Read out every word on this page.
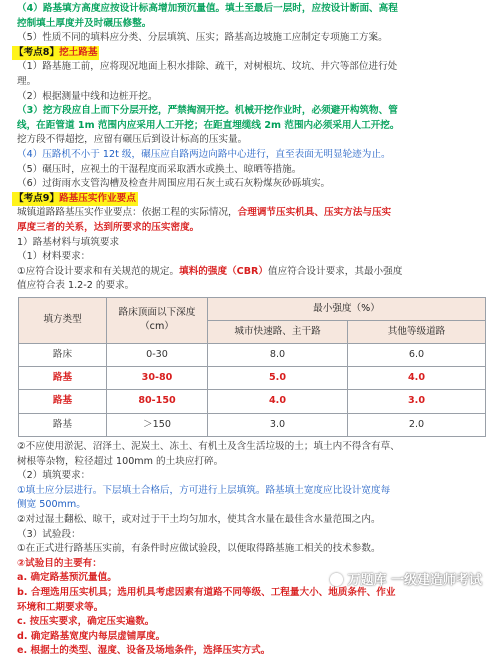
（4）路基填方高度应按设计标高增加预沉量值。填土至最后一层时，应按设计断面、高程
控制填土厚度并及时碾压修整。
（5）性质不同的填料应分类、分层填筑、压实；路基高边坡施工应制定专项施工方案。
【考点8】挖土路基
（1）路基施工前，应将现况地面上积水排除、疏干，对树根坑、坟坑、井穴等部位进行处
理。
（2）根据测量中线和边桩开挖。
（3）挖方段应自上而下分层开挖，严禁掏洞开挖。机械开挖作业时，必须避开构筑物、管
线，在距管道 1m 范围内应采用人工开挖；在距直埋缆线 2m 范围内必须采用人工开挖。
挖方段不得超挖，应留有碾压后到设计标高的压实量。
（4）压路机不小于 12t 级，碾压应自路两边向路中心进行，直至表面无明显轮迹为止。
（5）碾压时，应视土的干湿程度而采取洒水或换土、晾晒等措施。
（6）过街雨水支管沟槽及检查井周围应用石灰土或石灰粉煤灰砂砾填实。
【考点9】路基压实作业要点
城镇道路路基压实作业要点：依据工程的实际情况，合理调节压实机具、压实方法与压实
厚度三者的关系，达到所要求的压实密度。
1）路基材料与填筑要求
（1）材料要求：
①应符合设计要求和有关规范的规定。填料的强度（CBR）值应符合设计要求，其最小强度
值应符合表 1.2-2 的要求。
填方类型	路床顶面以下深度（cm）	最小强度（%）	
		城市快速路、主干路	其他等级道路
路床	0-30	8.0	6.0
路基	30-80	5.0	4.0
路基	80-150	4.0	3.0
路基	＞150	3.0	2.0
②不应使用淤泥、沼泽土、泥炭土、冻土、有机土及含生活垃圾的土；填土内不得含有草、
树根等杂物，粒径超过 100mm 的土块应打碎。
（2）填筑要求：
①填土应分层进行。下层填土合格后，方可进行上层填筑。路基填土宽度应比设计宽度每
侧宽 500mm。
②对过湿土翻松、晾干，或对过于干土均匀加水，使其含水量在最佳含水量范围之内。
（3）试验段：
①在正式进行路基压实前，有条件时应做试验段，以便取得路基施工相关的技术参数。
②试验目的主要有：
a. 确定路基预沉量值。
b. 合理选用压实机具；选用机具考虑因素有道路不同等级、工程量大小、地质条件、作业
环境和工期要求等。
c. 按压实要求，确定压实遍数。
d. 确定路基宽度内每层虚铺厚度。
e. 根据土的类型、湿度、设备及场地条件，选择压实方式。
万题库 一级建造师考试
